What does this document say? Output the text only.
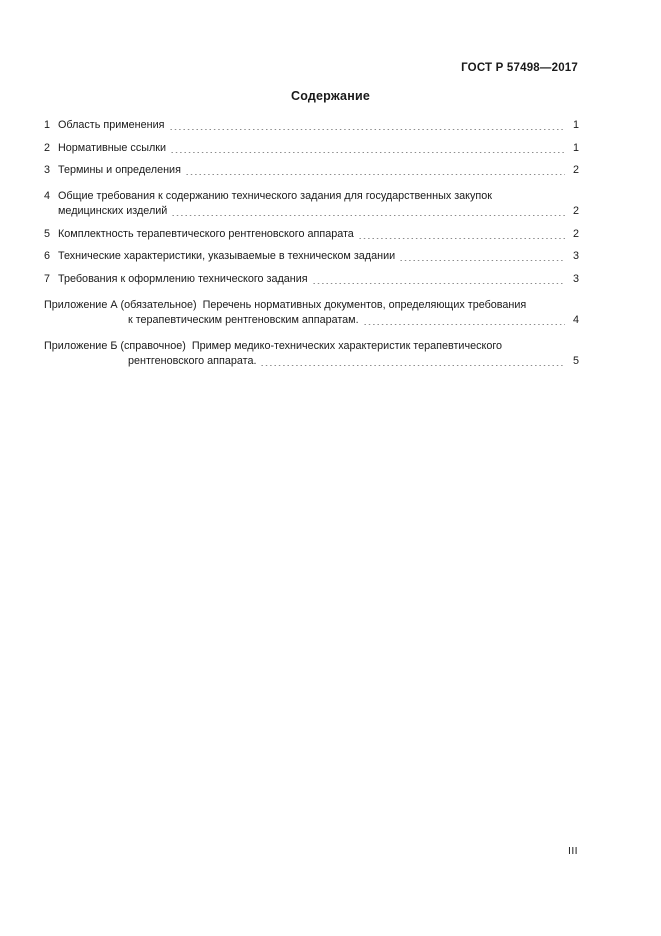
ГОСТ Р 57498—2017
Содержание
1 Область применения	1
2 Нормативные ссылки	1
3 Термины и определения	2
4 Общие требования к содержанию технического задания для государственных закупок
медицинских изделий	2
5 Комплектность терапевтического рентгеновского аппарата	2
6 Технические характеристики, указываемые в техническом задании	3
7 Требования к оформлению технического задания	3
Приложение А (обязательное) Перечень нормативных документов, определяющих требования
к терапевтическим рентгеновским аппаратам.	4
Приложение Б (справочное) Пример медико-технических характеристик терапевтического
рентгеновского аппарата.	5
III
